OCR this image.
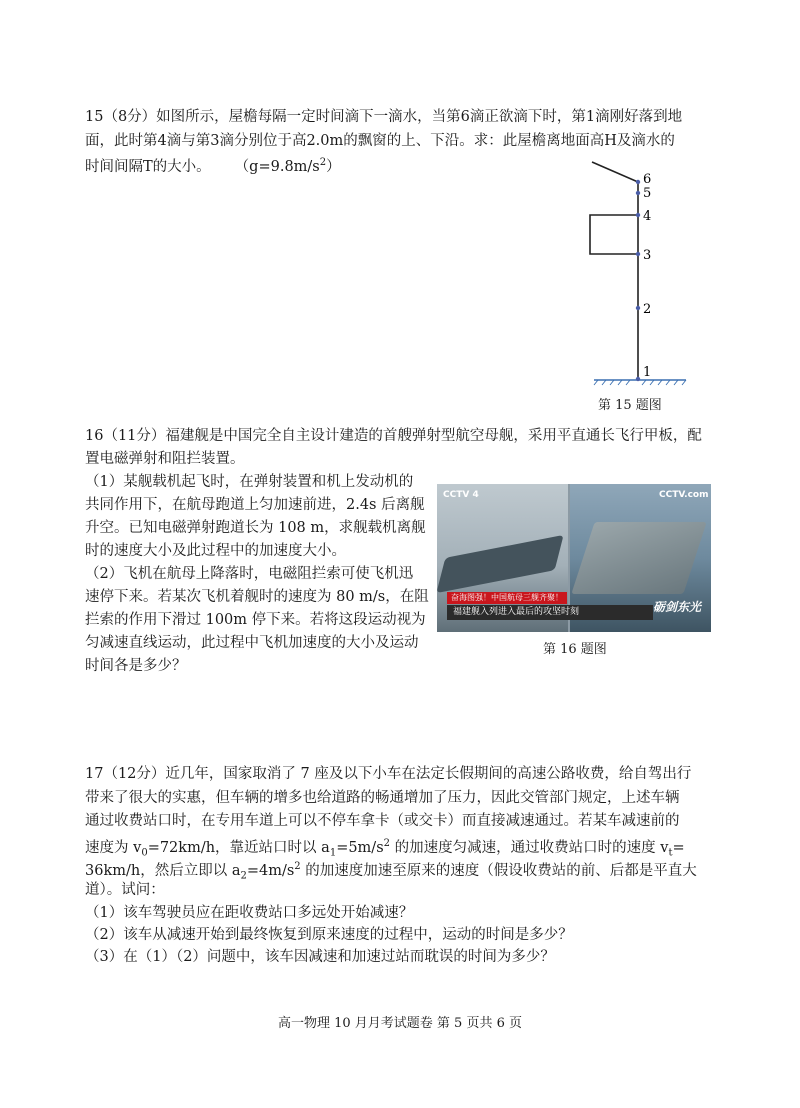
15（8分）如图所示，屋檐每隔一定时间滴下一滴水，当第6滴正欲滴下时，第1滴刚好落到地
面，此时第4滴与第3滴分别位于高2.0m的飘窗的上、下沿。求：此屋檐离地面高H及滴水的
时间间隔T的大小。 $(g=9.8m/s^2)$
6
5
4
3
2
1
第 15 题图
16（11分）福建舰是中国完全自主设计建造的首艘弹射型航空母舰，采用平直通长飞行甲板，配
置电磁弹射和阻拦装置。
（1）某舰载机起飞时，在弹射装置和机上发动机的
共同作用下，在航母跑道上匀加速前进，2.4s 后离舰
升空。已知电磁弹射跑道长为 108 m，求舰载机离舰
时的速度大小及此过程中的加速度大小。
（2）飞机在航母上降落时，电磁阻拦索可使飞机迅
速停下来。若某次飞机着舰时的速度为 80 m/s，在阻
拦索的作用下滑过 100m 停下来。若将这段运动视为
匀减速直线运动，此过程中飞机加速度的大小及运动
时间各是多少？
CCTV 4	CCTV.com
奋海图强！中国航母三舰齐聚！
福建舰入列进入最后的攻坚时刻	砺剑东光
第 16 题图
17（12分）近几年，国家取消了 7 座及以下小车在法定长假期间的高速公路收费，给自驾出行
带来了很大的实惠，但车辆的增多也给道路的畅通增加了压力，因此交管部门规定，上述车辆
通过收费站口时，在专用车道上可以不停车拿卡（或交卡）而直接减速通过。若某车减速前的
速度为 $v_0=72km/h$，靠近站口时以 $a_1=5m/s^2$ 的加速度匀减速，通过收费站口时的速度 $v_t=$
36km/h，然后立即以 $a_2=4m/s^2$ 的加速度加速至原来的速度（假设收费站的前、后都是平直大
道）。试问：
（1）该车驾驶员应在距收费站口多远处开始减速？
（2）该车从减速开始到最终恢复到原来速度的过程中，运动的时间是多少？
（3）在（1）（2）问题中，该车因减速和加速过站而耽误的时间为多少？
高一物理 10 月月考试题卷 第 5 页共 6 页
